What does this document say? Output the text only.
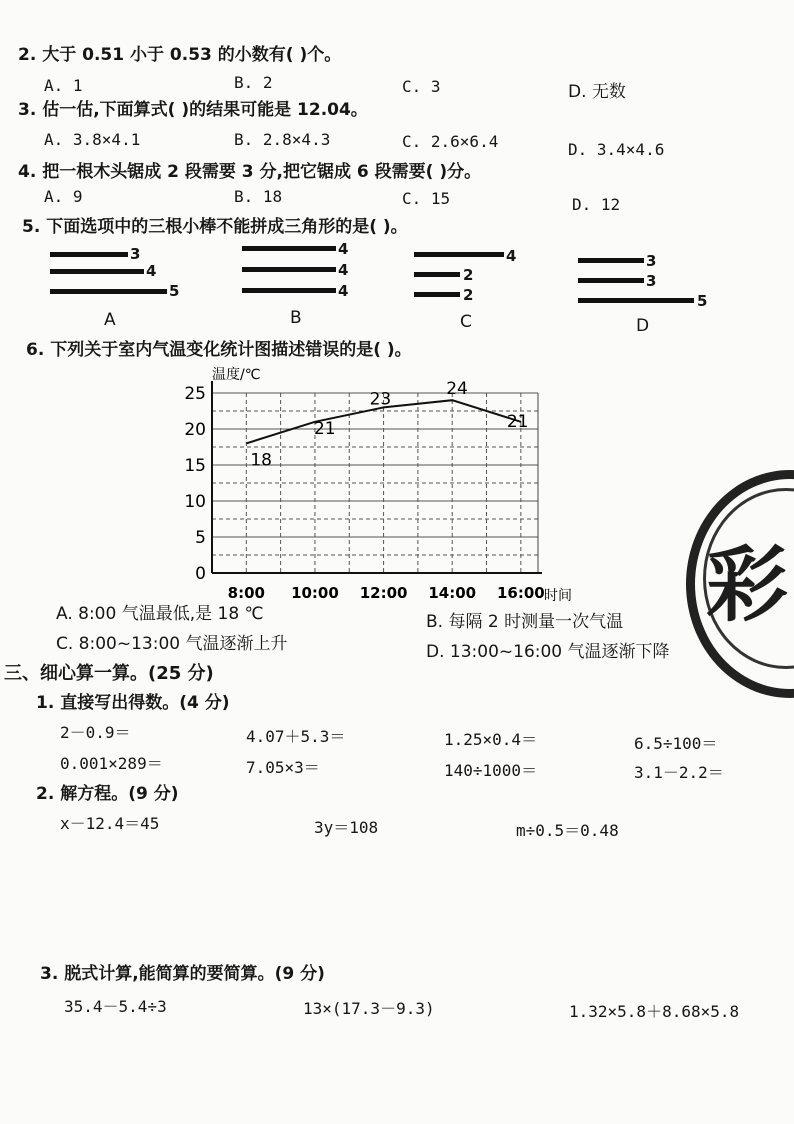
2. 大于 0.51 小于 0.53 的小数有( )个。
A. 1	B. 2	C. 3	D. 无数
3. 估一估,下面算式( )的结果可能是 12.04。
A. 3.8×4.1	B. 2.8×4.3	C. 2.6×6.4	D. 3.4×4.6
4. 把一根木头锯成 2 段需要 3 分,把它锯成 6 段需要( )分。
A. 9	B. 18	C. 15	D. 12
5. 下面选项中的三根小棒不能拼成三角形的是( )。
3
4
5
A
4
4
4
B
4
2
2
C
3
3
5
D
6. 下列关于室内气温变化统计图描述错误的是( )。
温度/℃
时间
0
5
10
15
20
25
8:00 10:00 12:00 14:00 16:00
18
21
23
24
21
A. 8:00 气温最低,是 18 ℃	B. 每隔 2 时测量一次气温
C. 8:00~13:00 气温逐渐上升	D. 13:00~16:00 气温逐渐下降
彩
三、细心算一算。(25 分)
1. 直接写出得数。(4 分)
2－0.9＝	4.07＋5.3＝	1.25×0.4＝	6.5÷100＝
0.001×289＝	7.05×3＝	140÷1000＝	3.1－2.2＝
2. 解方程。(9 分)
x－12.4＝45	3y＝108	m÷0.5＝0.48
3. 脱式计算,能简算的要简算。(9 分)
35.4－5.4÷3	13×(17.3－9.3)	1.32×5.8＋8.68×5.8
